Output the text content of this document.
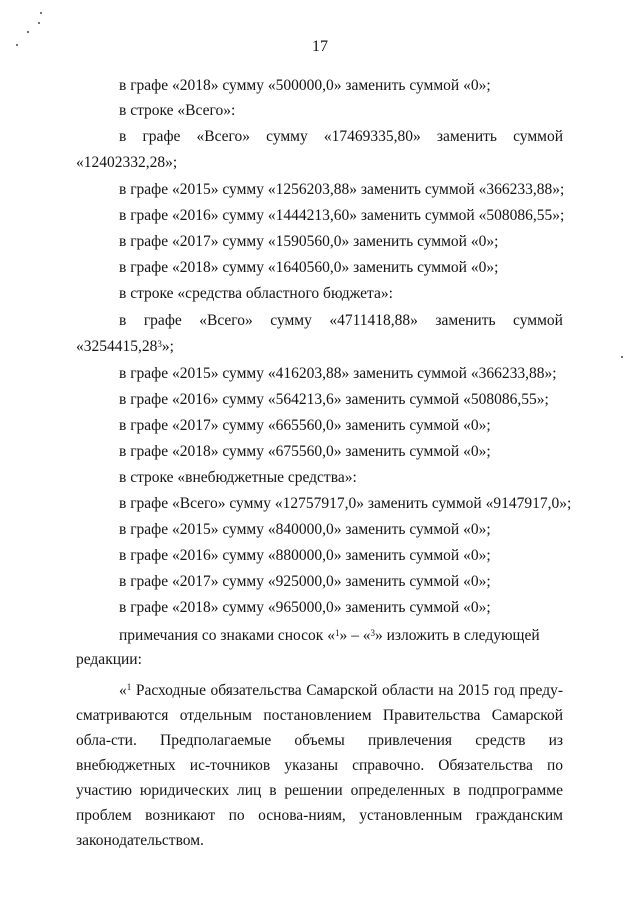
17
в графе «2018» сумму «500000,0» заменить суммой «0»;
в строке «Всего»:
в графе «Всего» сумму «17469335,80» заменить суммой
«12402332,28»;
в графе «2015» сумму «1256203,88» заменить суммой «366233,88»;
в графе «2016» сумму «1444213,60» заменить суммой «508086,55»;
в графе «2017» сумму «1590560,0» заменить суммой «0»;
в графе «2018» сумму «1640560,0» заменить суммой «0»;
в строке «средства областного бюджета»:
в графе «Всего» сумму «4711418,88» заменить суммой
«3254415,28$^3$»;
в графе «2015» сумму «416203,88» заменить суммой «366233,88»;
в графе «2016» сумму «564213,6» заменить суммой «508086,55»;
в графе «2017» сумму «665560,0» заменить суммой «0»;
в графе «2018» сумму «675560,0» заменить суммой «0»;
в строке «внебюджетные средства»:
в графе «Всего» сумму «12757917,0» заменить суммой «9147917,0»;
в графе «2015» сумму «840000,0» заменить суммой «0»;
в графе «2016» сумму «880000,0» заменить суммой «0»;
в графе «2017» сумму «925000,0» заменить суммой «0»;
в графе «2018» сумму «965000,0» заменить суммой «0»;
примечания со знаками сносок «$^1$» – «$^3$» изложить в следующей
редакции:
«$^1$ Расходные обязательства Самарской области на 2015 год преду-сматриваются отдельным постановлением Правительства Самарской обла-сти. Предполагаемые объемы привлечения средств из внебюджетных ис-точников указаны справочно. Обязательства по участию юридических лиц в решении определенных в подпрограмме проблем возникают по основа-ниям, установленным гражданским законодательством.
